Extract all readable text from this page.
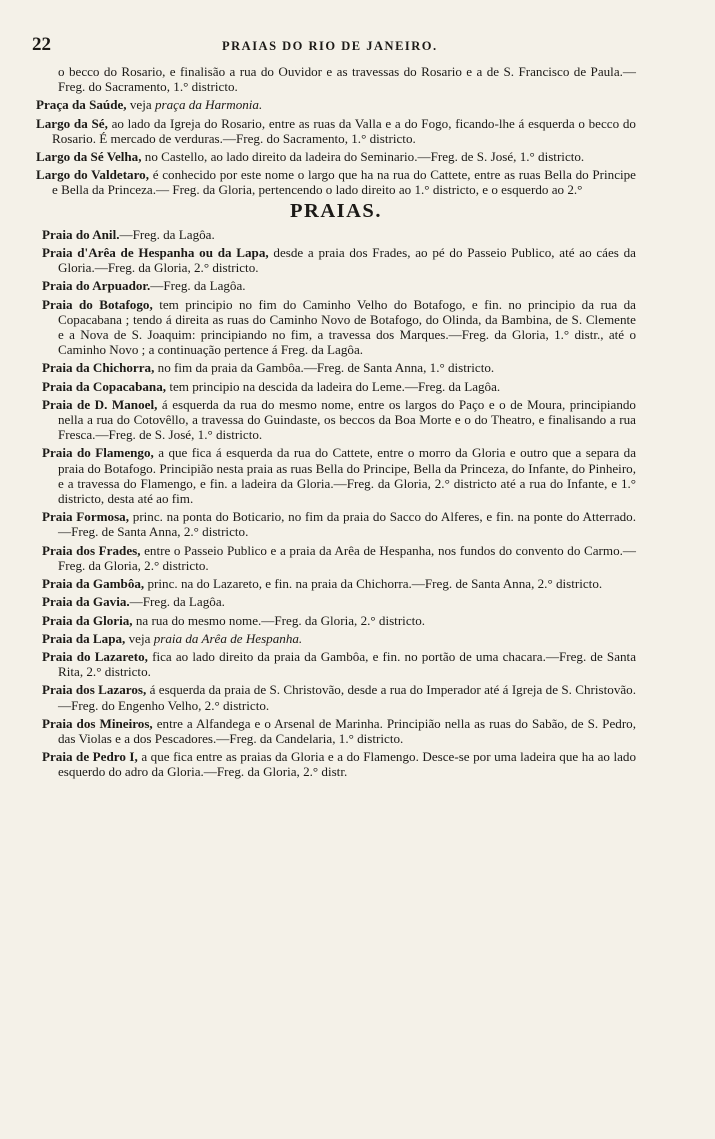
22	PRAIAS DO RIO DE JANEIRO.

o becco do Rosario, e finalisão a rua do Ouvidor e as travessas do Rosario e a de S. Francisco de Paula.—Freg. do Sacramento, 1.° districto.

Praça da Saúde, veja praça da Harmonia.

Largo da Sé, ao lado da Igreja do Rosario, entre as ruas da Valla e a do Fogo, ficando-lhe á esquerda o becco do Rosario. É mercado de verduras.—Freg. do Sacramento, 1.° districto.

Largo da Sé Velha, no Castello, ao lado direito da ladeira do Seminario.—Freg. de S. José, 1.° districto.

Largo do Valdetaro, é conhecido por este nome o largo que ha na rua do Cattete, entre as ruas Bella do Principe e Bella da Princeza.— Freg. da Gloria, pertencendo o lado direito ao 1.° districto, e o esquerdo ao 2.°

PRAIAS.

Praia do Anil.—Freg. da Lagôa.

Praia d'Arêa de Hespanha ou da Lapa, desde a praia dos Frades, ao pé do Passeio Publico, até ao cáes da Gloria.—Freg. da Gloria, 2.° districto.

Praia do Arpuador.—Freg. da Lagôa.

Praia do Botafogo, tem principio no fim do Caminho Velho do Botafogo, e fin. no principio da rua da Copacabana ; tendo á direita as ruas do Caminho Novo de Botafogo, do Olinda, da Bambina, de S. Clemente e a Nova de S. Joaquim: principiando no fim, a travessa dos Marques.—Freg. da Gloria, 1.° distr., até o Caminho Novo ; a continuação pertence á Freg. da Lagôa.

Praia da Chichorra, no fim da praia da Gambôa.—Freg. de Santa Anna, 1.° districto.

Praia da Copacabana, tem principio na descida da ladeira do Leme.—Freg. da Lagôa.

Praia de D. Manoel, á esquerda da rua do mesmo nome, entre os largos do Paço e o de Moura, principiando nella a rua do Cotovêllo, a travessa do Guindaste, os beccos da Boa Morte e o do Theatro, e finalisando a rua Fresca.—Freg. de S. José, 1.° districto.

Praia do Flamengo, a que fica á esquerda da rua do Cattete, entre o morro da Gloria e outro que a separa da praia do Botafogo. Principião nesta praia as ruas Bella do Principe, Bella da Princeza, do Infante, do Pinheiro, e a travessa do Flamengo, e fin. a ladeira da Gloria.—Freg. da Gloria, 2.° districto até a rua do Infante, e 1.° districto, desta até ao fim.

Praia Formosa, princ. na ponta do Boticario, no fim da praia do Sacco do Alferes, e fin. na ponte do Atterrado.—Freg. de Santa Anna, 2.° districto.

Praia dos Frades, entre o Passeio Publico e a praia da Arêa de Hespanha, nos fundos do convento do Carmo.—Freg. da Gloria, 2.° districto.

Praia da Gambôa, princ. na do Lazareto, e fin. na praia da Chichorra.—Freg. de Santa Anna, 2.° districto.

Praia da Gavia.—Freg. da Lagôa.

Praia da Gloria, na rua do mesmo nome.—Freg. da Gloria, 2.° districto.

Praia da Lapa, veja praia da Arêa de Hespanha.

Praia do Lazareto, fica ao lado direito da praia da Gambôa, e fin. no portão de uma chacara.—Freg. de Santa Rita, 2.° districto.

Praia dos Lazaros, á esquerda da praia de S. Christovão, desde a rua do Imperador até á Igreja de S. Christovão.—Freg. do Engenho Velho, 2.° districto.

Praia dos Mineiros, entre a Alfandega e o Arsenal de Marinha. Principião nella as ruas do Sabão, de S. Pedro, das Violas e a dos Pescadores.—Freg. da Candelaria, 1.° districto.

Praia de Pedro I, a que fica entre as praias da Gloria e a do Flamengo. Desce-se por uma ladeira que ha ao lado esquerdo do adro da Gloria.—Freg. da Gloria, 2.° distr.
